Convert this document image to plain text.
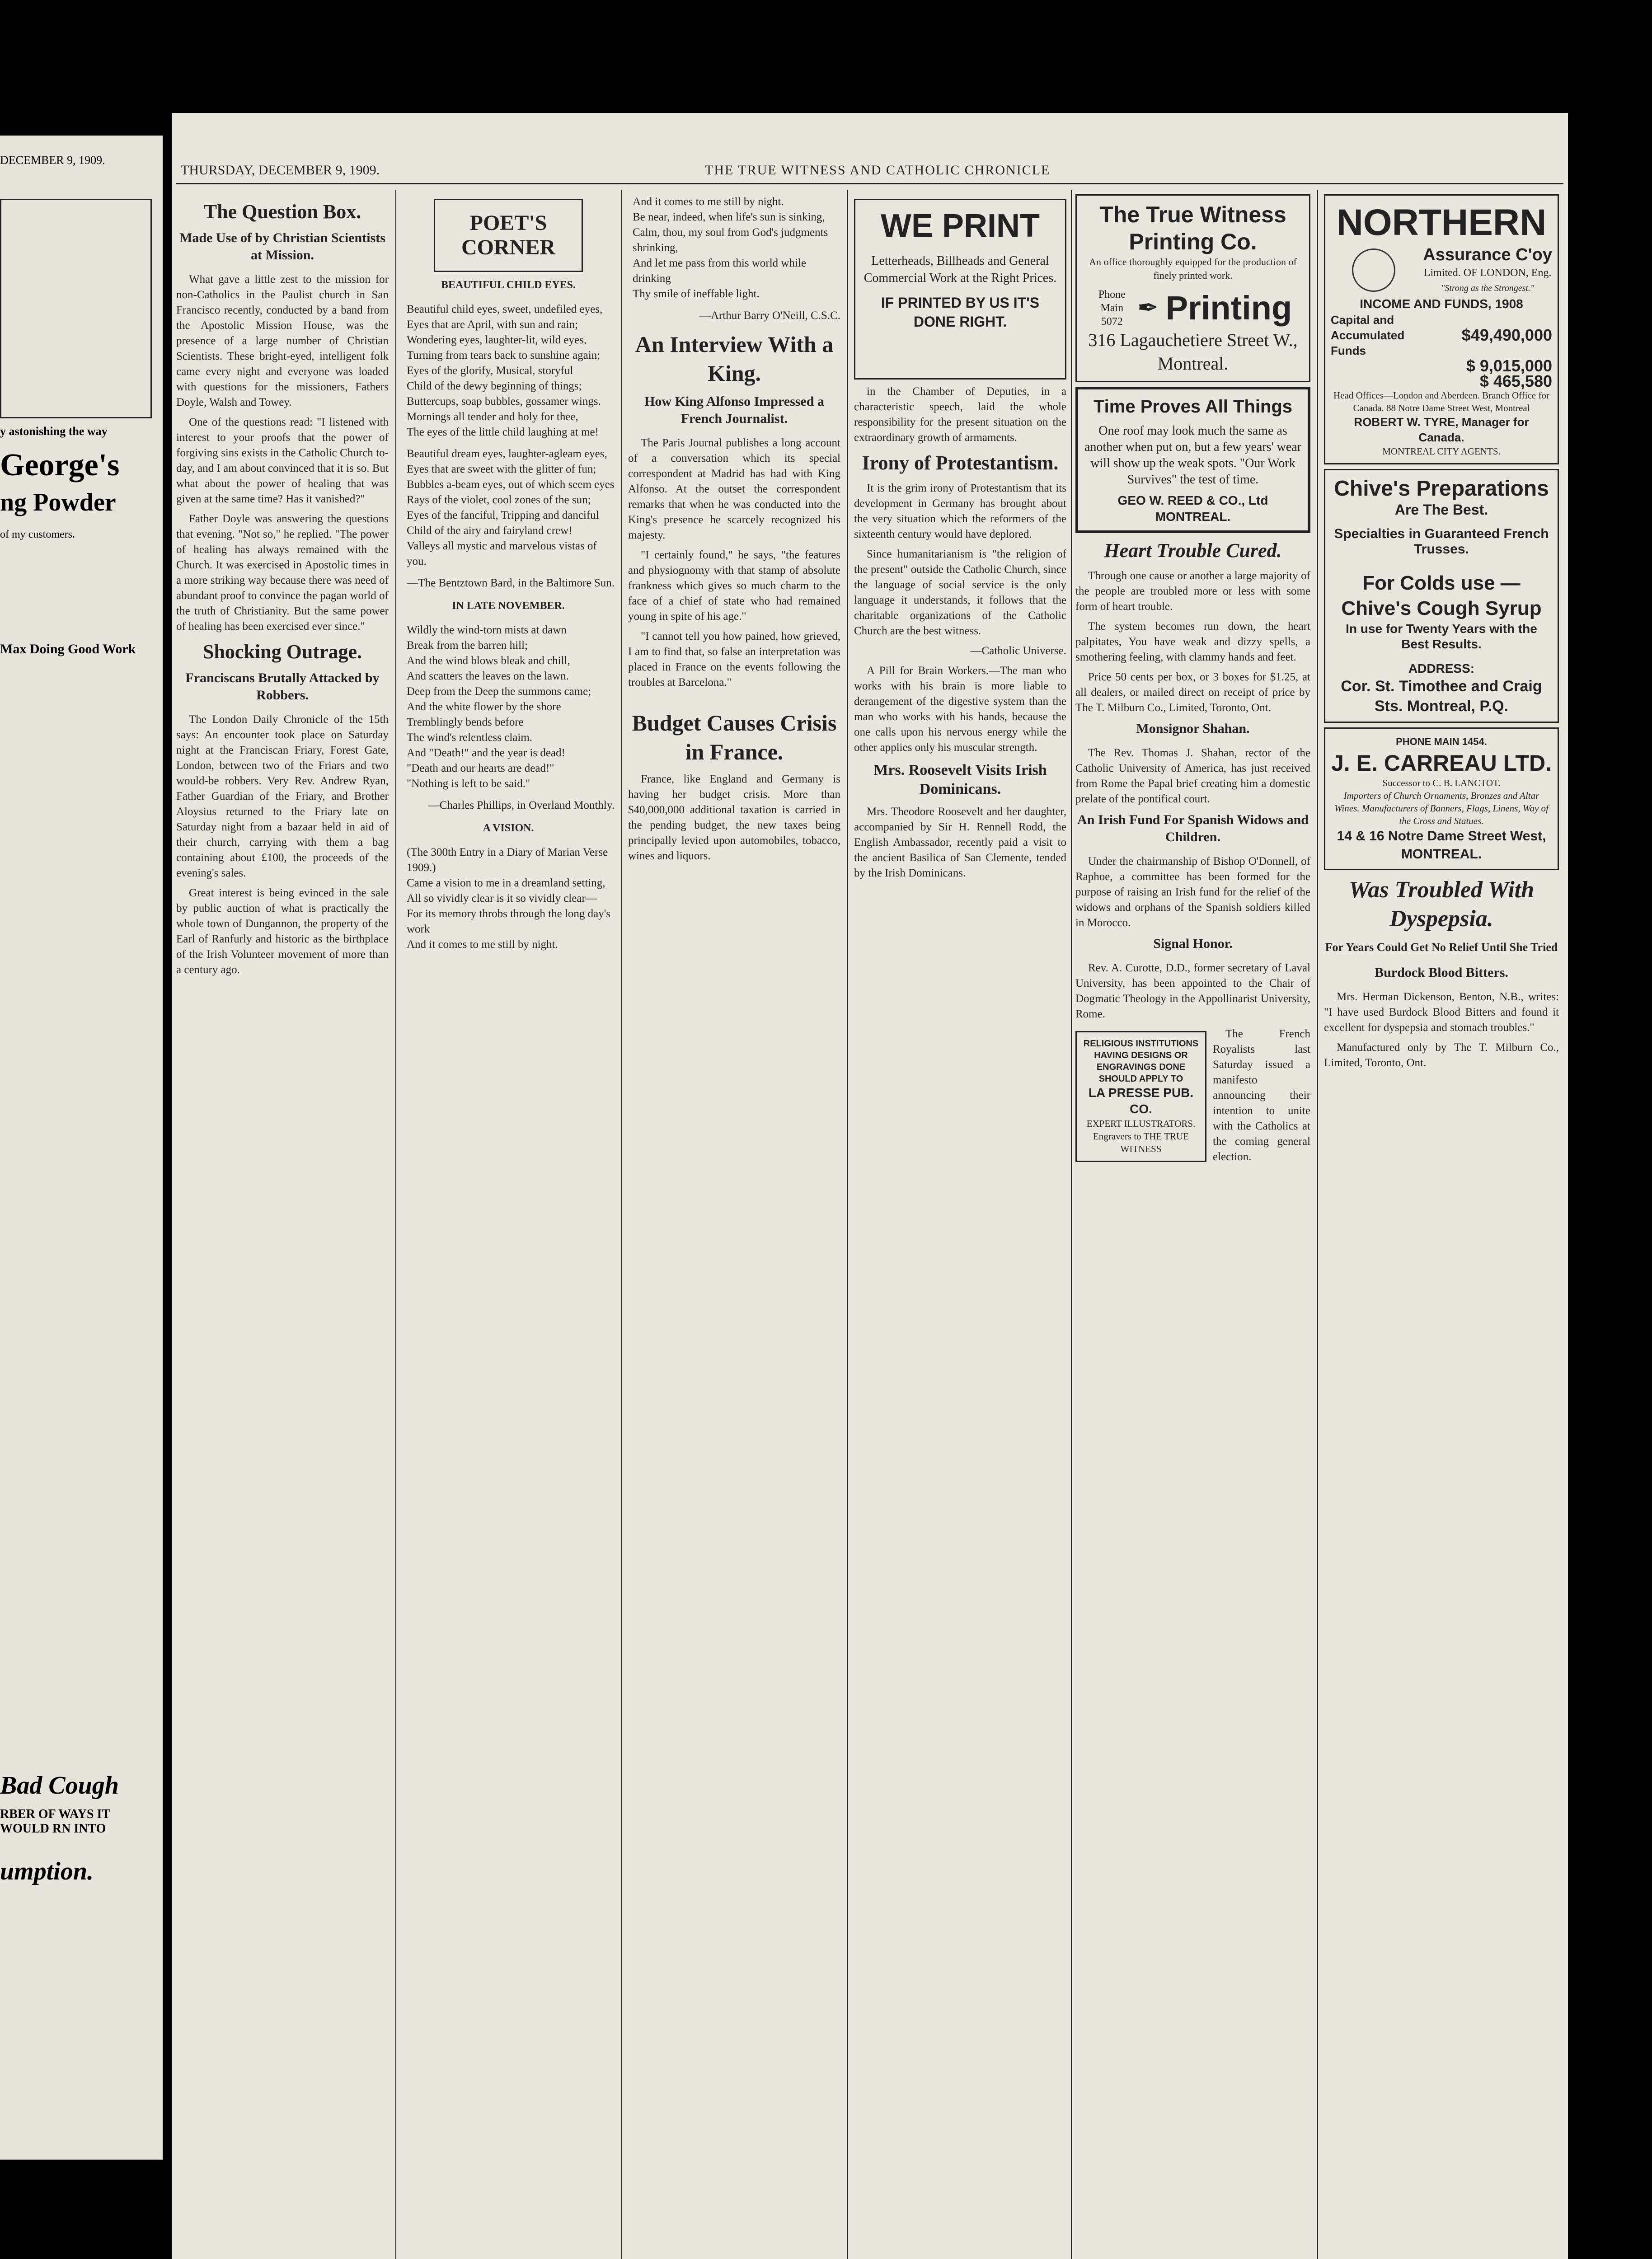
DECEMBER 9, 1909.
y astonishing the way
George's
ng Powder
of my customers.
Max Doing Good Work
Bad Cough
RBER OF WAYS IT WOULD RN INTO
umption.
THURSDAY, DECEMBER 9, 1909.	THE TRUE WITNESS AND CATHOLIC CHRONICLE
The Question Box.
Made Use of by Christian Scientists at Mission.

What gave a little zest to the mission for non-Catholics in the Paulist church in San Francisco recently, conducted by a band from the Apostolic Mission House, was the presence of a large number of Christian Scientists. These bright-eyed, intelligent folk came every night and everyone was loaded with questions for the missioners, Fathers Doyle, Walsh and Towey.

One of the questions read: "I listened with interest to your proofs that the power of forgiving sins exists in the Catholic Church to-day, and I am about convinced that it is so. But what about the power of healing that was given at the same time? Has it vanished?"

Father Doyle was answering the questions that evening. "Not so," he replied. "The power of healing has always remained with the Church. It was exercised in Apostolic times in a more striking way because there was need of abundant proof to convince the pagan world of the truth of Christianity. But the same power of healing has been exercised ever since."

Shocking Outrage.
Franciscans Brutally Attacked by Robbers.

The London Daily Chronicle of the 15th says: An encounter took place on Saturday night at the Franciscan Friary, Forest Gate, London, between two of the Friars and two would-be robbers. Very Rev. Andrew Ryan, Father Guardian of the Friary, and Brother Aloysius returned to the Friary late on Saturday night from a bazaar held in aid of their church, carrying with them a bag containing about £100, the proceeds of the evening's sales.

Great interest is being evinced in the sale by public auction of what is practically the whole town of Dungannon, the property of the Earl of Ranfurly and historic as the birthplace of the Irish Volunteer movement of more than a century ago.

POET'S CORNER
BEAUTIFUL CHILD EYES.
Beautiful child eyes, sweet, undefiled eyes,
Eyes that are April, with sun and rain;
Wondering eyes, laughter-lit, wild eyes,
Turning from tears back to sunshine again;
Eyes of the glorify, Musical, storyful
Child of the dewy beginning of things;
Buttercups, soap bubbles, gossamer wings.
Mornings all tender and holy for thee,
The eyes of the little child laughing at me!
Beautiful dream eyes, laughter-agleam eyes,
Eyes that are sweet with the glitter of fun;
Bubbles a-beam eyes, out of which seem eyes
Rays of the violet, cool zones of the sun;
Eyes of the fanciful, Tripping and danciful
Child of the airy and fairyland crew!
Valleys all mystic and marvelous vistas of you.
—The Bentztown Bard, in the Baltimore Sun.
IN LATE NOVEMBER.
Wildly the wind-torn mists at dawn
Break from the barren hill;
And the wind blows bleak and chill,
And scatters the leaves on the lawn.
Deep from the Deep the summons came;
And the white flower by the shore
Tremblingly bends before
The wind's relentless claim.
And "Death!" and the year is dead!
"Death and our hearts are dead!"
"Nothing is left to be said."
—Charles Phillips, in Overland Monthly.
A VISION.
(The 300th Entry in a Diary of Marian Verse 1909.)
Came a vision to me in a dreamland setting,
All so vividly clear is it so vividly clear—
For its memory throbs through the long day's work
And it comes to me still by night.
And it comes to me still by night.
Be near, indeed, when life's sun is sinking,
Calm, thou, my soul from God's judgments shrinking,
And let me pass from this world while drinking
Thy smile of ineffable light.
—Arthur Barry O'Neill, C.S.C.
An Interview With a King.
How King Alfonso Impressed a French Journalist.

The Paris Journal publishes a long account of a conversation which its special correspondent at Madrid has had with King Alfonso. At the outset the correspondent remarks that when he was conducted into the King's presence he scarcely recognized his majesty.

"I certainly found," he says, "the features and physiognomy with that stamp of absolute frankness which gives so much charm to the face of a chief of state who had remained young in spite of his age."

"I cannot tell you how pained, how grieved, I am to find that, so false an interpretation was placed in France on the events following the troubles at Barcelona."

Budget Causes Crisis in France.

France, like England and Germany is having her budget crisis. More than $40,000,000 additional taxation is carried in the pending budget, the new taxes being principally levied upon automobiles, tobacco, wines and liquors.

WE PRINT
Letterheads, Billheads and General Commercial Work at the Right Prices.
IF PRINTED BY US IT'S DONE RIGHT.

in the Chamber of Deputies, in a characteristic speech, laid the whole responsibility for the present situation on the extraordinary growth of armaments.

Irony of Protestantism.

It is the grim irony of Protestantism that its development in Germany has brought about the very situation which the reformers of the sixteenth century would have deplored.

Since humanitarianism is "the religion of the present" outside the Catholic Church, since the language of social service is the only language it understands, it follows that the charitable organizations of the Catholic Church are the best witness.

—Catholic Universe.

A Pill for Brain Workers.—The man who works with his brain is more liable to derangement of the digestive system than the man who works with his hands, because the one calls upon his nervous energy while the other applies only his muscular strength.

Mrs. Roosevelt Visits Irish Dominicans.

Mrs. Theodore Roosevelt and her daughter, accompanied by Sir H. Rennell Rodd, the English Ambassador, recently paid a visit to the ancient Basilica of San Clemente, tended by the Irish Dominicans.

The True Witness Printing Co.
An office thoroughly equipped for the production of finely printed work.
Phone Main 5072 ✒ Printing
316 Lagauchetiere Street W., Montreal.
Time Proves All Things
One roof may look much the same as another when put on, but a few years' wear will show up the weak spots. "Our Work Survives" the test of time.
GEO W. REED & CO., Ltd MONTREAL.
Heart Trouble Cured.

Through one cause or another a large majority of the people are troubled more or less with some form of heart trouble.

The system becomes run down, the heart palpitates, You have weak and dizzy spells, a smothering feeling, with clammy hands and feet.

Price 50 cents per box, or 3 boxes for $1.25, at all dealers, or mailed direct on receipt of price by The T. Milburn Co., Limited, Toronto, Ont.

Monsignor Shahan.

The Rev. Thomas J. Shahan, rector of the Catholic University of America, has just received from Rome the Papal brief creating him a domestic prelate of the pontifical court.

An Irish Fund For Spanish Widows and Children.

Under the chairmanship of Bishop O'Donnell, of Raphoe, a committee has been formed for the purpose of raising an Irish fund for the relief of the widows and orphans of the Spanish soldiers killed in Morocco.

Signal Honor.

Rev. A. Curotte, D.D., former secretary of Laval University, has been appointed to the Chair of Dogmatic Theology in the Appollinarist University, Rome.

RELIGIOUS INSTITUTIONS HAVING DESIGNS OR ENGRAVINGS DONE SHOULD APPLY TO
LA PRESSE PUB. CO.
EXPERT ILLUSTRATORS. Engravers to THE TRUE WITNESS

The French Royalists last Saturday issued a manifesto announcing their intention to unite with the Catholics at the coming general election.

NORTHERN
Assurance C'oy
Limited. OF LONDON, Eng.
"Strong as the Strongest."
INCOME AND FUNDS, 1908
Capital and Accumulated Funds
$49,490,000
$ 9,015,000
$ 465,580
Head Offices—London and Aberdeen. Branch Office for Canada. 88 Notre Dame Street West, Montreal
ROBERT W. TYRE, Manager for Canada.
MONTREAL CITY AGENTS.
Chive's Preparations
Are The Best.
Specialties in Guaranteed French Trusses.
For Colds use — Chive's Cough Syrup
In use for Twenty Years with the Best Results.
ADDRESS:
Cor. St. Timothee and Craig Sts. Montreal, P.Q.
PHONE MAIN 1454.
J. E. CARREAU LTD.
Successor to C. B. LANCTOT.
Importers of Church Ornaments, Bronzes and Altar Wines. Manufacturers of Banners, Flags, Linens, Way of the Cross and Statues.
14 & 16 Notre Dame Street West, MONTREAL.
Was Troubled With Dyspepsia.
For Years Could Get No Relief Until She Tried
Burdock Blood Bitters.

Mrs. Herman Dickenson, Benton, N.B., writes: "I have used Burdock Blood Bitters and found it excellent for dyspepsia and stomach troubles."

Manufactured only by The T. Milburn Co., Limited, Toronto, Ont.
